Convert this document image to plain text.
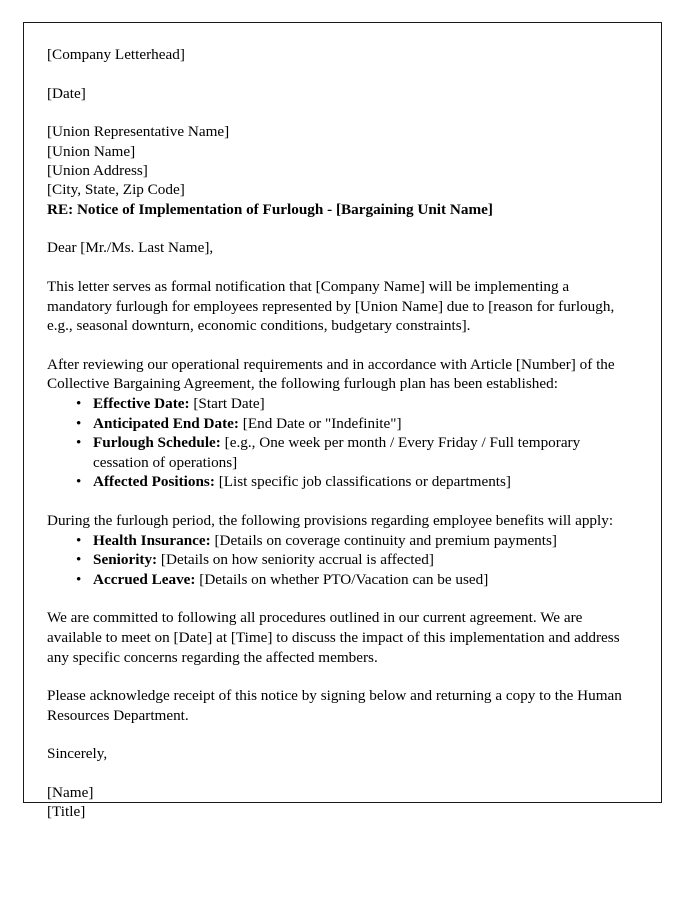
[Company Letterhead]

[Date]

[Union Representative Name]

[Union Name]

[Union Address]

[City, State, Zip Code]

RE: Notice of Implementation of Furlough - [Bargaining Unit Name]

Dear [Mr./Ms. Last Name],

This letter serves as formal notification that [Company Name] will be implementing a mandatory furlough for employees represented by [Union Name] due to [reason for furlough, e.g., seasonal downturn, economic conditions, budgetary constraints].

After reviewing our operational requirements and in accordance with Article [Number] of the Collective Bargaining Agreement, the following furlough plan has been established:

• Effective Date: [Start Date]
• Anticipated End Date: [End Date or "Indefinite"]
• Furlough Schedule: [e.g., One week per month / Every Friday / Full temporary cessation of operations]
• Affected Positions: [List specific job classifications or departments]

During the furlough period, the following provisions regarding employee benefits will apply:

• Health Insurance: [Details on coverage continuity and premium payments]
• Seniority: [Details on how seniority accrual is affected]
• Accrued Leave: [Details on whether PTO/Vacation can be used]

We are committed to following all procedures outlined in our current agreement. We are available to meet on [Date] at [Time] to discuss the impact of this implementation and address any specific concerns regarding the affected members.

Please acknowledge receipt of this notice by signing below and returning a copy to the Human Resources Department.

Sincerely,

[Name]

[Title]
